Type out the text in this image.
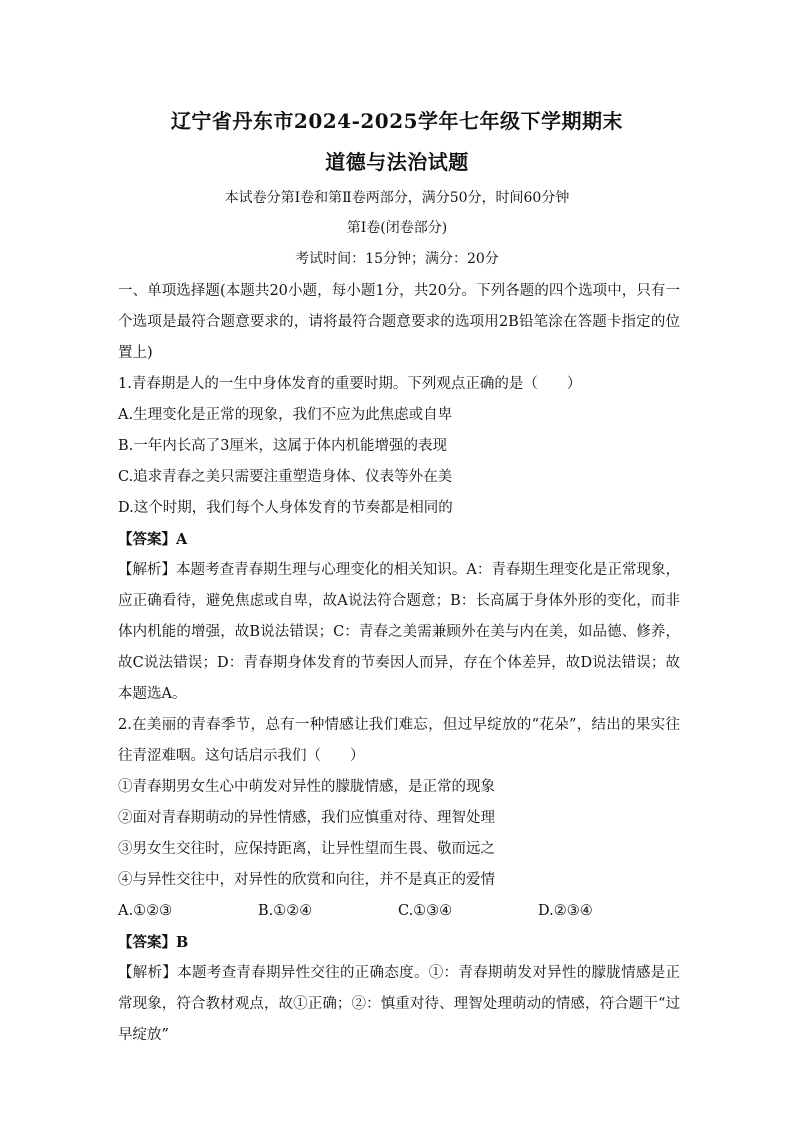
辽宁省丹东市2024-2025学年七年级下学期期末
道德与法治试题
本试卷分第Ⅰ卷和第Ⅱ卷两部分，满分50分，时间60分钟
第Ⅰ卷(闭卷部分)
考试时间：15分钟；满分：20分

一、单项选择题(本题共20小题，每小题1分，共20分。下列各题的四个选项中，只有一个选项是最符合题意要求的，请将最符合题意要求的选项用2B铅笔涂在答题卡指定的位置上)

1.青春期是人的一生中身体发育的重要时期。下列观点正确的是（　　）

A.生理变化是正常的现象，我们不应为此焦虑或自卑

B.一年内长高了3厘米，这属于体内机能增强的表现

C.追求青春之美只需要注重塑造身体、仪表等外在美

D.这个时期，我们每个人身体发育的节奏都是相同的

【答案】A

【解析】本题考查青春期生理与心理变化的相关知识。A：青春期生理变化是正常现象，应正确看待，避免焦虑或自卑，故A说法符合题意；B：长高属于身体外形的变化，而非体内机能的增强，故B说法错误；C：青春之美需兼顾外在美与内在美，如品德、修养，故C说法错误；D：青春期身体发育的节奏因人而异，存在个体差异，故D说法错误；故本题选A。

2.在美丽的青春季节，总有一种情感让我们难忘，但过早绽放的“花朵”，结出的果实往往青涩难咽。这句话启示我们（　　）

①青春期男女生心中萌发对异性的朦胧情感，是正常的现象

②面对青春期萌动的异性情感，我们应慎重对待、理智处理

③男女生交往时，应保持距离，让异性望而生畏、敬而远之

④与异性交往中，对异性的欣赏和向往，并不是真正的爱情

A.①②③	B.①②④	C.①③④	D.②③④

【答案】B

【解析】本题考查青春期异性交往的正确态度。①：青春期萌发对异性的朦胧情感是正常现象，符合教材观点，故①正确；②：慎重对待、理智处理萌动的情感，符合题干“过早绽放”
